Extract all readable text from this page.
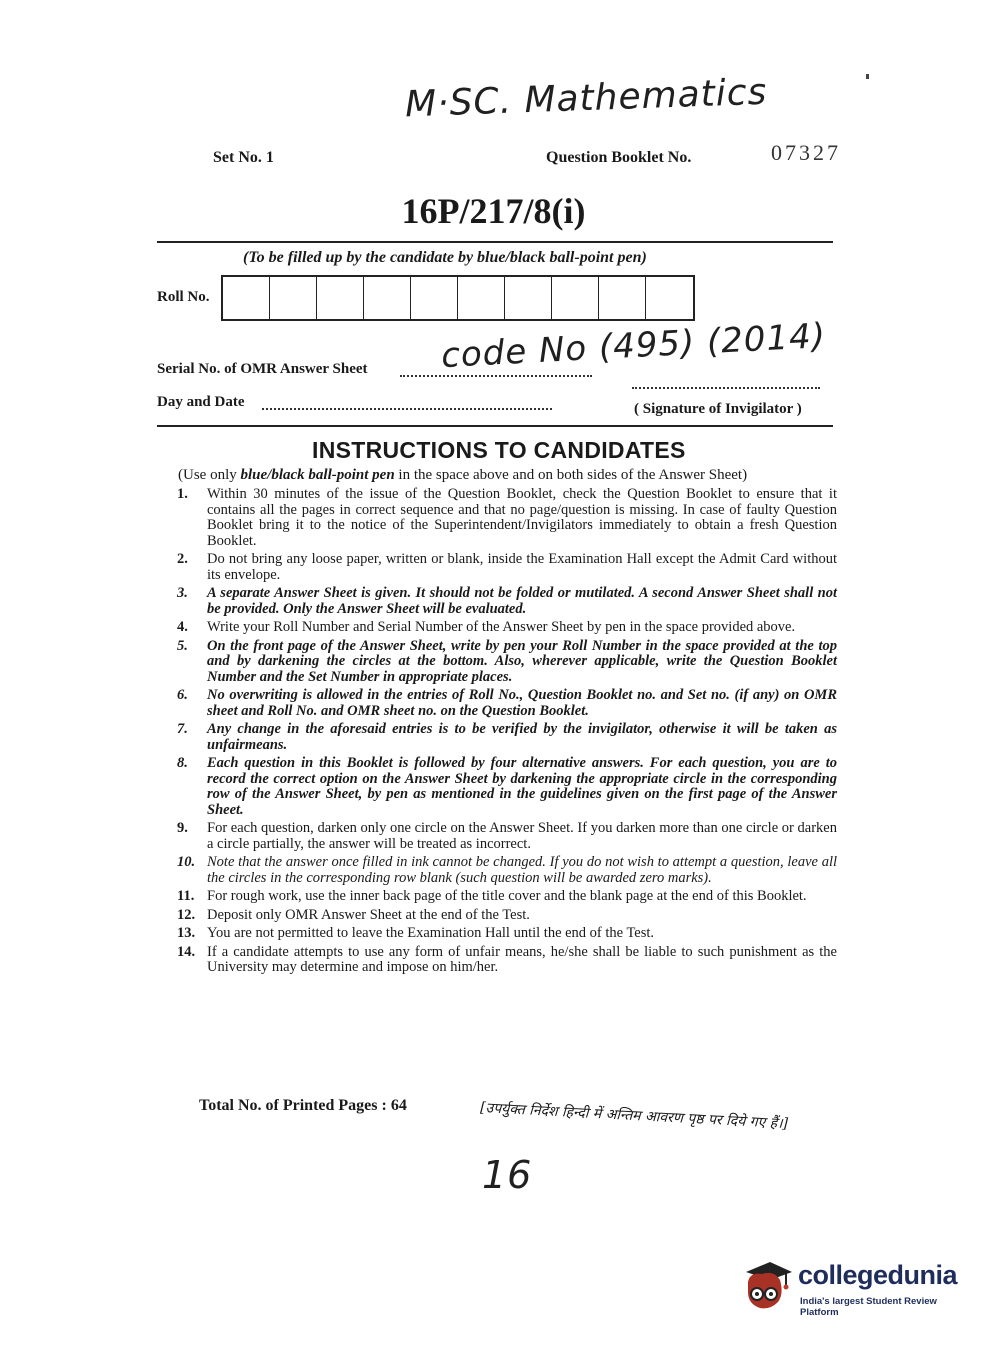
M·SC. Mathematics
Set No. 1	Question Booklet No.	07327
16P/217/8(i)
(To be filled up by the candidate by blue/black ball-point pen)
Roll No.
code No (495) (2014)
Serial No. of OMR Answer Sheet
Day and Date	( Signature of Invigilator )
INSTRUCTIONS TO CANDIDATES
(Use only blue/black ball-point pen in the space above and on both sides of the Answer Sheet)
1.	Within 30 minutes of the issue of the Question Booklet, check the Question Booklet to ensure that it contains all the pages in correct sequence and that no page/question is missing. In case of faulty Question Booklet bring it to the notice of the Superintendent/Invigilators immediately to obtain a fresh Question Booklet.
2.	Do not bring any loose paper, written or blank, inside the Examination Hall except the Admit Card without its envelope.
3.	A separate Answer Sheet is given. It should not be folded or mutilated. A second Answer Sheet shall not be provided. Only the Answer Sheet will be evaluated.
4.	Write your Roll Number and Serial Number of the Answer Sheet by pen in the space provided above.
5.	On the front page of the Answer Sheet, write by pen your Roll Number in the space provided at the top and by darkening the circles at the bottom. Also, wherever applicable, write the Question Booklet Number and the Set Number in appropriate places.
6.	No overwriting is allowed in the entries of Roll No., Question Booklet no. and Set no. (if any) on OMR sheet and Roll No. and OMR sheet no. on the Question Booklet.
7.	Any change in the aforesaid entries is to be verified by the invigilator, otherwise it will be taken as unfairmeans.
8.	Each question in this Booklet is followed by four alternative answers. For each question, you are to record the correct option on the Answer Sheet by darkening the appropriate circle in the corresponding row of the Answer Sheet, by pen as mentioned in the guidelines given on the first page of the Answer Sheet.
9.	For each question, darken only one circle on the Answer Sheet. If you darken more than one circle or darken a circle partially, the answer will be treated as incorrect.
10. Note that the answer once filled in ink cannot be changed. If you do not wish to attempt a question, leave all the circles in the corresponding row blank (such question will be awarded zero marks).
11. For rough work, use the inner back page of the title cover and the blank page at the end of this Booklet.
12. Deposit only OMR Answer Sheet at the end of the Test.
13. You are not permitted to leave the Examination Hall until the end of the Test.
14. If a candidate attempts to use any form of unfair means, he/she shall be liable to such punishment as the University may determine and impose on him/her.
Total No. of Printed Pages : 64	[उपर्युक्त निर्देश हिन्दी में अन्तिम आवरण पृष्ठ पर दिये गए हैं।]
16
collegedunia
India's largest Student Review Platform
